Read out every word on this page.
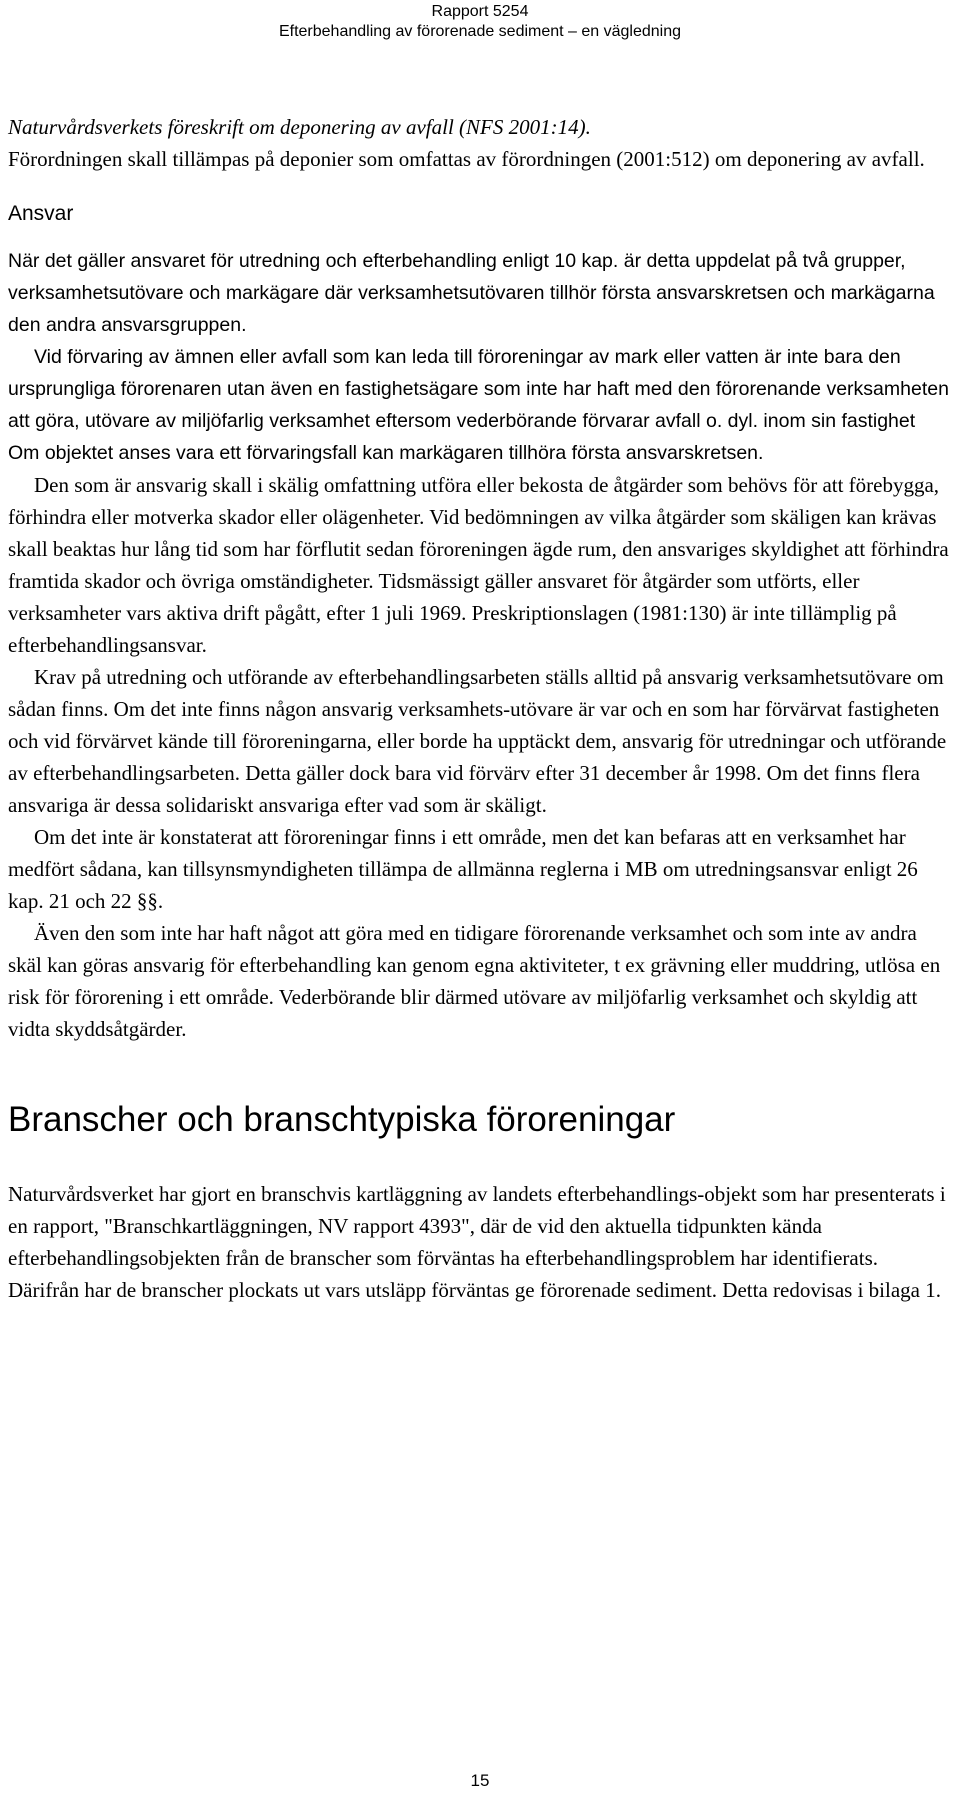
Rapport 5254
Efterbehandling av förorenade sediment – en vägledning

Naturvårdsverkets föreskrift om deponering av avfall (NFS 2001:14).

Förordningen skall tillämpas på deponier som omfattas av förordningen (2001:512) om deponering av avfall.

Ansvar

När det gäller ansvaret för utredning och efterbehandling enligt 10 kap. är detta uppdelat på två grupper, verksamhetsutövare och markägare där verksamhetsutövaren tillhör första ansvarskretsen och markägarna den andra ansvarsgruppen.

Vid förvaring av ämnen eller avfall som kan leda till föroreningar av mark eller vatten är inte bara den ursprungliga förorenaren utan även en fastighetsägare som inte har haft med den förorenande verksamheten att göra, utövare av miljöfarlig verksamhet eftersom vederbörande förvarar avfall o. dyl. inom sin fastighet Om objektet anses vara ett förvaringsfall kan markägaren tillhöra första ansvarskretsen.

Den som är ansvarig skall i skälig omfattning utföra eller bekosta de åtgärder som behövs för att förebygga, förhindra eller motverka skador eller olägenheter. Vid bedömningen av vilka åtgärder som skäligen kan krävas skall beaktas hur lång tid som har förflutit sedan föroreningen ägde rum, den ansvariges skyldighet att förhindra framtida skador och övriga omständigheter. Tidsmässigt gäller ansvaret för åtgärder som utförts, eller verksamheter vars aktiva drift pågått, efter 1 juli 1969. Preskriptionslagen (1981:130) är inte tillämplig på efterbehandlingsansvar.

Krav på utredning och utförande av efterbehandlingsarbeten ställs alltid på ansvarig verksamhetsutövare om sådan finns. Om det inte finns någon ansvarig verksamhets-utövare är var och en som har förvärvat fastigheten och vid förvärvet kände till föroreningarna, eller borde ha upptäckt dem, ansvarig för utredningar och utförande av efterbehandlingsarbeten. Detta gäller dock bara vid förvärv efter 31 december år 1998. Om det finns flera ansvariga är dessa solidariskt ansvariga efter vad som är skäligt.

Om det inte är konstaterat att föroreningar finns i ett område, men det kan befaras att en verksamhet har medfört sådana, kan tillsynsmyndigheten tillämpa de allmänna reglerna i MB om utredningsansvar enligt 26 kap. 21 och 22 §§.

Även den som inte har haft något att göra med en tidigare förorenande verksamhet och som inte av andra skäl kan göras ansvarig för efterbehandling kan genom egna aktiviteter, t ex grävning eller muddring, utlösa en risk för förorening i ett område. Vederbörande blir därmed utövare av miljöfarlig verksamhet och skyldig att vidta skyddsåtgärder.

Branscher och branschtypiska föroreningar

Naturvårdsverket har gjort en branschvis kartläggning av landets efterbehandlings-objekt som har presenterats i en rapport, "Branschkartläggningen, NV rapport 4393", där de vid den aktuella tidpunkten kända efterbehandlingsobjekten från de branscher som förväntas ha efterbehandlingsproblem har identifierats. Därifrån har de branscher plockats ut vars utsläpp förväntas ge förorenade sediment. Detta redovisas i bilaga 1.

15
